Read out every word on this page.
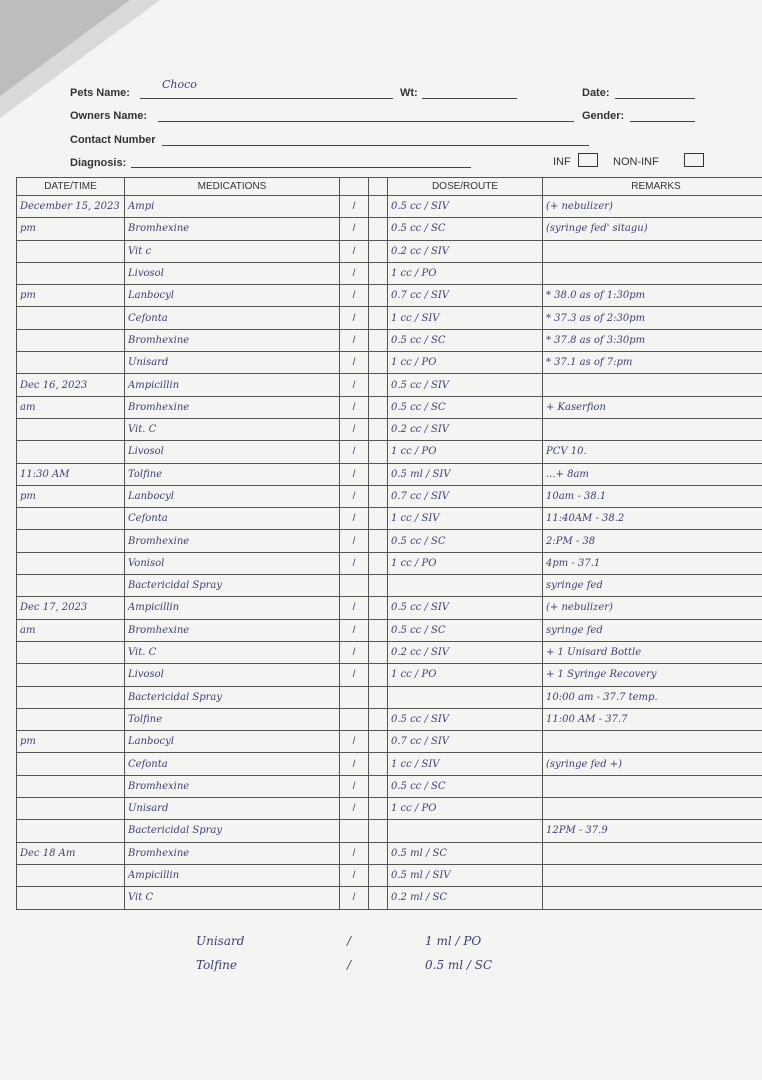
Pets Name:
Choco
Wt:	Date:
Owners Name:	Gender:
Contact Number
Diagnosis:	INF	NON-INF
DATE/TIME	MEDICATIONS			DOSE/ROUTE	REMARKS
December 15, 2023	Ampi	/		0.5 cc / SIV	(+ nebulizer)
pm	Bromhexine	/		0.5 cc / SC	(syringe fed' sitagu)
	Vit c	/		0.2 cc / SIV	
	Livosol	/		1 cc / PO	
pm	Lanbocyl	/		0.7 cc / SIV	* 38.0 as of 1:30pm
	Cefonta	/		1 cc / SIV	* 37.3 as of 2:30pm
	Bromhexine	/		0.5 cc / SC	* 37.8 as of 3:30pm
	Unisard	/		1 cc / PO	* 37.1 as of 7:pm
Dec 16, 2023	Ampicillin	/		0.5 cc / SIV	
am	Bromhexine	/		0.5 cc / SC	+ Kaserfion
	Vit. C	/		0.2 cc / SIV	
	Livosol	/		1 cc / PO	PCV 10.
11:30 AM	Tolfine	/		0.5 ml / SIV	...+ 8am
pm	Lanbocyl	/		0.7 cc / SIV	10am - 38.1
	Cefonta	/		1 cc / SIV	11:40AM - 38.2
	Bromhexine	/		0.5 cc / SC	2:PM - 38
	Vonisol	/		1 cc / PO	4pm - 37.1
	Bactericidal Spray				syringe fed
Dec 17, 2023	Ampicillin	/		0.5 cc / SIV	(+ nebulizer)
am	Bromhexine	/		0.5 cc / SC	syringe fed
	Vit. C	/		0.2 cc / SIV	+ 1 Unisard Bottle
	Livosol	/		1 cc / PO	+ 1 Syringe Recovery
	Bactericidal Spray				10:00 am - 37.7 temp.
	Tolfine			0.5 cc / SIV	11:00 AM - 37.7
pm	Lanbocyl	/		0.7 cc / SIV	
	Cefonta	/		1 cc / SIV	(syringe fed +)
	Bromhexine	/		0.5 cc / SC	
	Unisard	/		1 cc / PO	
	Bactericidal Spray				12PM - 37.9
Dec 18 Am	Bromhexine	/		0.5 ml / SC	
	Ampicillin	/		0.5 ml / SIV	
	Vit C	/		0.2 ml / SC	
Unisard	/	1 ml / PO
Tolfine	/	0.5 ml / SC
